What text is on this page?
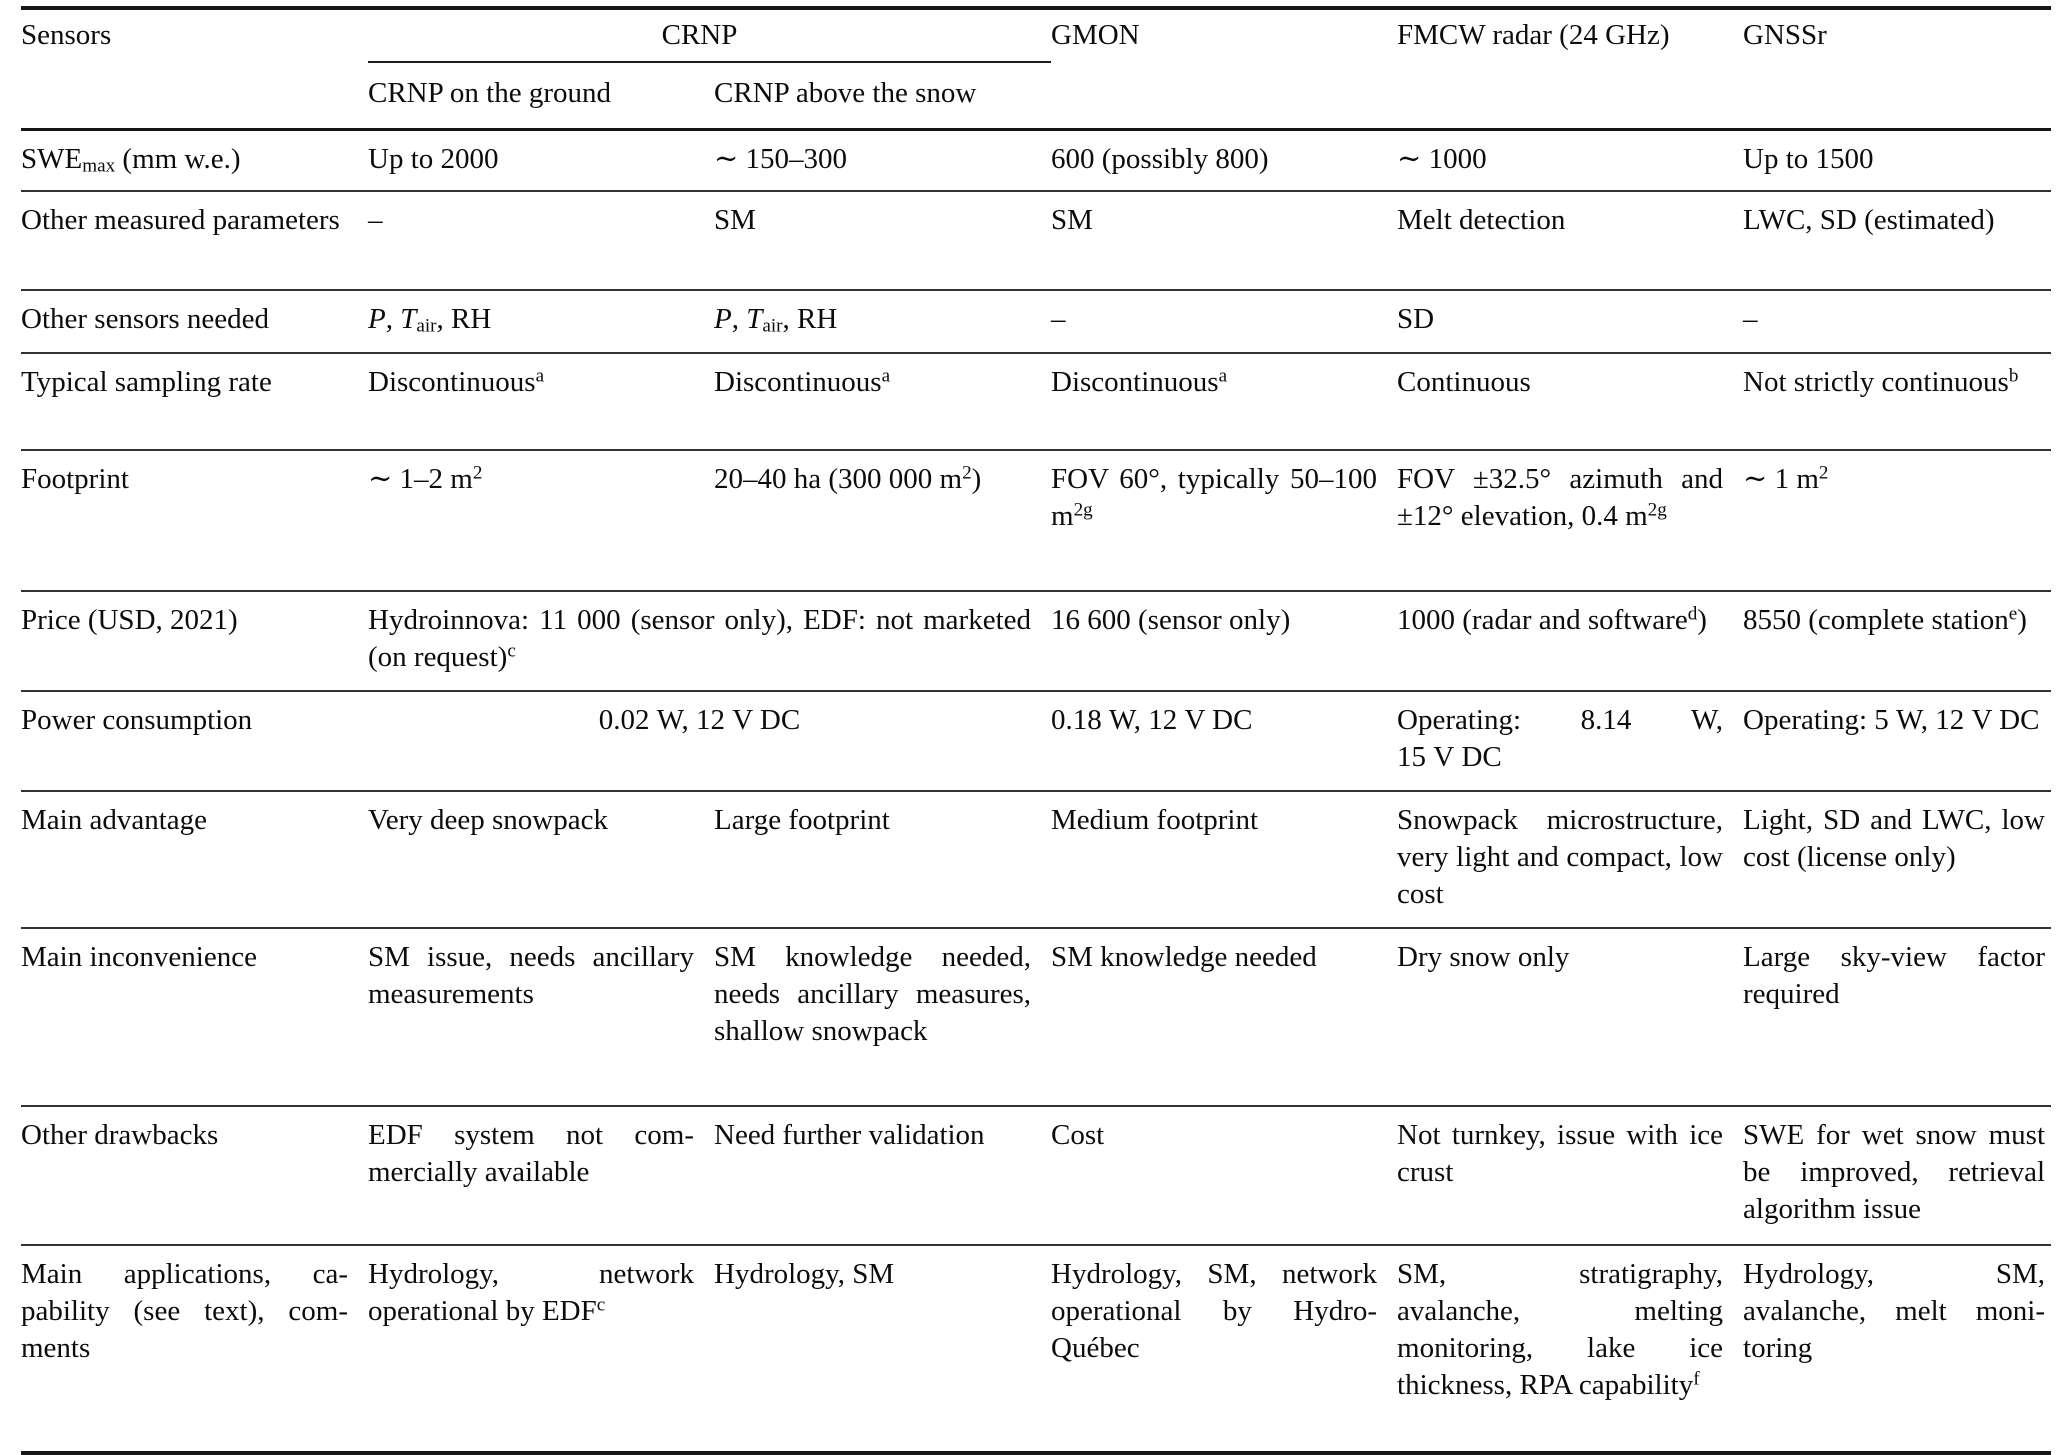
Sensors	CRNP		GMON	FMCW radar (24 GHz)	GNSSr
	CRNP on the ground	CRNP above the snow			
$SWE_{max}$ (mm w.e.)	Up to 2000	∼ 150–300	600 (possibly 800)	∼ 1000	Up to 1500
Other measured parameters	–	SM	SM	Melt detection	LWC, SD (estimated)
Other sensors needed	P, $T_{air}$, RH	P, $T_{air}$, RH	–	SD	–
Typical sampling rate	Discontinuous$^a$	Discontinuous$^a$	Discontinuous$^a$	Continuous	Not strictly continuous$^b$
Footprint	∼ 1–2 $m^2$	20–40 ha (300 000 $m^2$)	FOV 60°, typically 50–100 $m^{2g}$	FOV ±32.5° azimuth and ±12° elevation, 0.4 $m^{2g}$	∼ 1 $m^2$
Price (USD, 2021)	Hydroinnova: 11 000 (sensor only), EDF: not marketed (on request)$^c$		16 600 (sensor only)	1000 (radar and software$^d$)	8550 (complete station$^e$)
Power consumption	0.02 W, 12 V DC		0.18 W, 12 V DC	Operating: 8.14 W, 15 V DC	Operating: 5 W, 12 V DC
Main advantage	Very deep snowpack	Large footprint	Medium footprint	Snowpack microstructure, very light and compact, low cost	Light, SD and LWC, low cost (license only)
Main inconvenience	SM issue, needs ancillary measurements	SM knowledge needed, needs ancillary measures, shallow snowpack	SM knowledge needed	Dry snow only	Large sky-view factor required
Other drawbacks	EDF system not commercially available	Need further validation	Cost	Not turnkey, issue with ice crust	SWE for wet snow must be improved, retrieval algorithm issue
Main applications, capability (see text), comments	Hydrology, network operational by EDF$^c$	Hydrology, SM	Hydrology, SM, network operational by Hydro-Québec	SM, stratigraphy, avalanche, melting monitoring, lake ice thickness, RPA capability$^f$	Hydrology, SM, avalanche, melt monitoring
